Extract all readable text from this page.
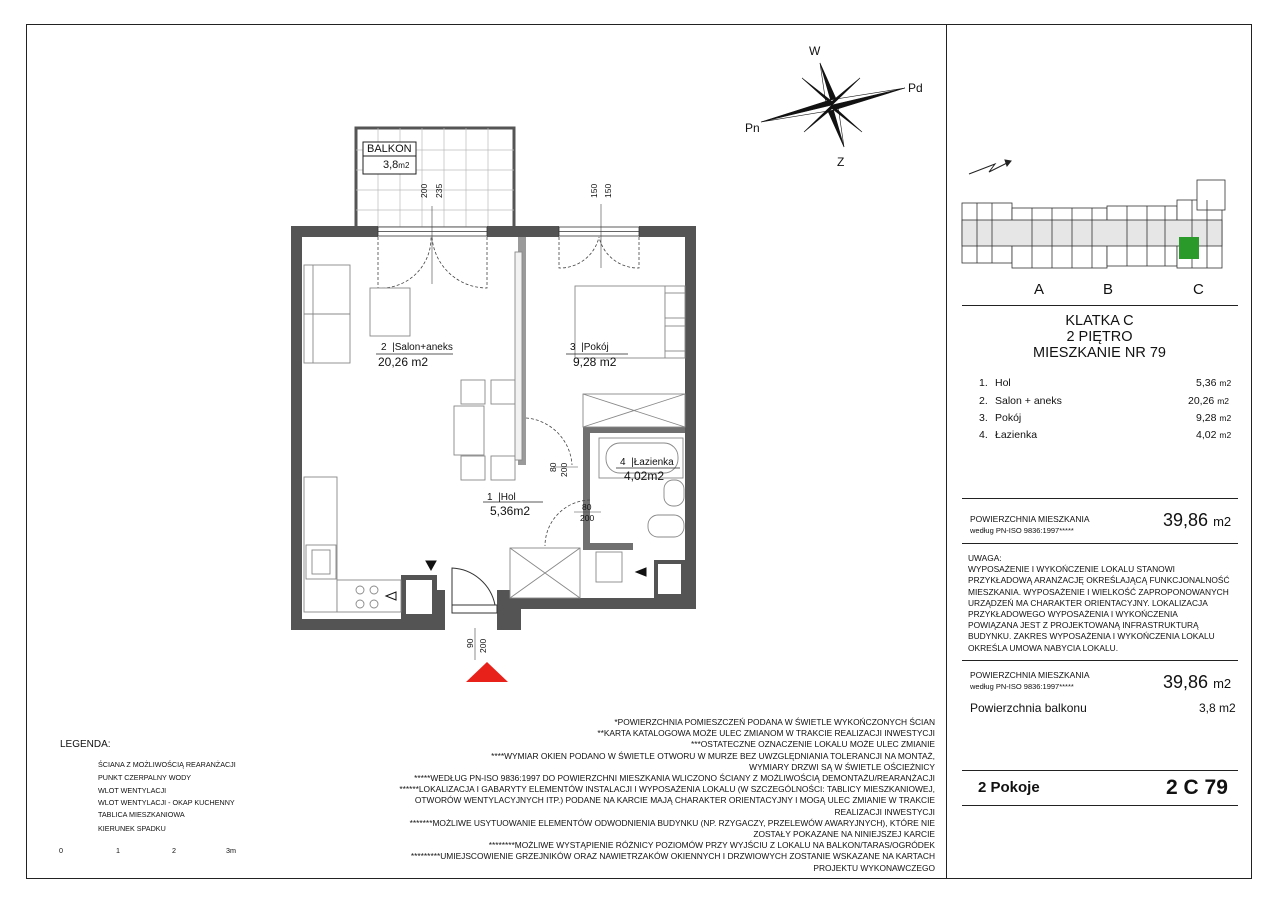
W
Pd
Pn
Z
BALKON
3,8m2
200 235	150 150
80 200
80
200
90 200
2  |Salon+aneks
20,26 m2
3  |Pokój
9,28 m2
4  |Łazienka
4,02m2
1  |Hol
5,36m2
LEGENDA:
ŚCIANA Z MOŻLIWOŚCIĄ REARANŻACJI
PUNKT CZERPALNY WODY
WLOT WENTYLACJI
WLOT WENTYLACJI - OKAP KUCHENNY
TABLICA MIESZKANIOWA
KIERUNEK SPADKU
0	1	2	3m
*POWIERZCHNIA POMIESZCZEŃ PODANA W ŚWIETLE WYKOŃCZONYCH ŚCIAN
**KARTA KATALOGOWA MOŻE ULEC ZMIANOM W TRAKCIE REALIZACJI INWESTYCJI
***OSTATECZNE OZNACZENIE LOKALU MOŻE ULEC ZMIANIE
****WYMIAR OKIEN PODANO W ŚWIETLE OTWORU W MURZE BEZ UWZGLĘDNIANIA TOLERANCJI NA MONTAŻ,
WYMIARY DRZWI SĄ W ŚWIETLE OŚCIEŻNICY
*****WEDŁUG PN-ISO 9836:1997 DO POWIERZCHNI MIESZKANIA WLICZONO ŚCIANY Z MOŻLIWOŚCIĄ DEMONTAŻU/REARANŻACJI
******LOKALIZACJA I GABARYTY ELEMENTÓW INSTALACJI I WYPOSAŻENIA LOKALU (W SZCZEGÓLNOŚCI: TABLICY MIESZKANIOWEJ,
OTWORÓW WENTYLACYJNYCH ITP.) PODANE NA KARCIE MAJĄ CHARAKTER ORIENTACYJNY I MOGĄ ULEC ZMIANIE W TRAKCIE
REALIZACJI INWESTYCJI
*******MOŻLIWE USYTUOWANIE ELEMENTÓW ODWODNIENIA BUDYNKU (NP. RZYGACZY, PRZELEWÓW AWARYJNYCH), KTÓRE NIE
ZOSTAŁY POKAZANE NA NINIEJSZEJ KARCIE
********MOŻLIWE WYSTĄPIENIE RÓŻNICY POZIOMÓW PRZY WYJŚCIU Z LOKALU NA BALKON/TARAS/OGRÓDEK
*********UMIEJSCOWIENIE GRZEJNIKÓW ORAZ NAWIETRZAKÓW OKIENNYCH I DRZWIOWYCH ZOSTANIE WSKAZANE NA KARTACH
PROJEKTU WYKONAWCZEGO
A	B	C
KLATKA C
2 PIĘTRO
MIESZKANIE NR 79
1. Hol	5,36 m2
2. Salon + aneks	20,26 m2
3. Pokój	9,28 m2
4. Łazienka	4,02 m2
POWIERZCHNIA MIESZKANIA
według PN-ISO 9836:1997*****
39,86 m2
UWAGA:
WYPOSAŻENIE I WYKOŃCZENIE LOKALU STANOWI
PRZYKŁADOWĄ ARANŻACJĘ OKREŚLAJĄCĄ FUNKCJONALNOŚĆ
MIESZKANIA. WYPOSAŻENIE I WIELKOŚĆ ZAPROPONOWANYCH
URZĄDZEŃ MA CHARAKTER ORIENTACYJNY. LOKALIZACJA
PRZYKŁADOWEGO WYPOSAŻENIA I WYKOŃCZENIA
POWIĄZANA JEST Z PROJEKTOWANĄ INFRASTRUKTURĄ
BUDYNKU. ZAKRES WYPOSAŻENIA I WYKOŃCZENIA LOKALU
OKREŚLA UMOWA NABYCIA LOKALU.
POWIERZCHNIA MIESZKANIA
według PN-ISO 9836:1997*****	39,86 m2
Powierzchnia balkonu	3,8 m2
2 Pokoje	2 C 79
